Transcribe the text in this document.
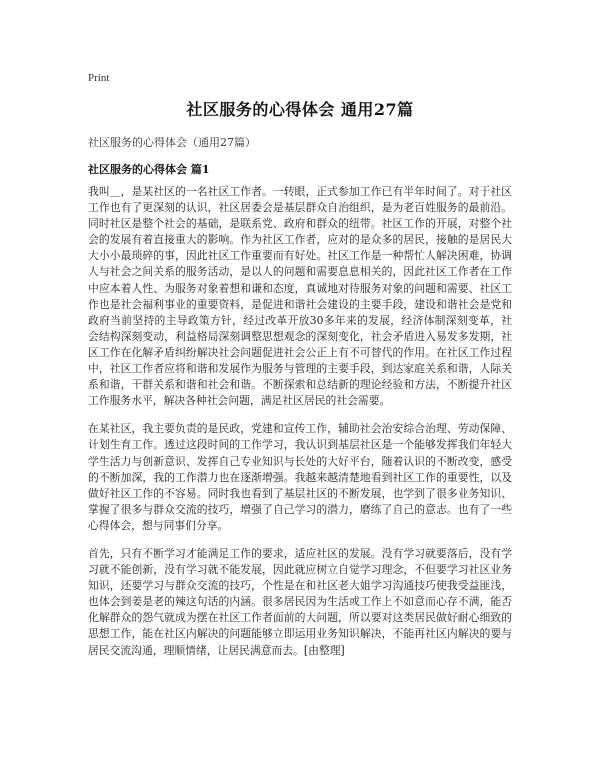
Print
社区服务的心得体会 通用27篇
社区服务的心得体会（通用27篇）
社区服务的心得体会 篇1

我叫＿，是某社区的一名社区工作者。一转眼，正式参加工作已有半年时间了。对于社区工作也有了更深刻的认识，社区居委会是基层群众自治组织，是为老百姓服务的最前沿。同时社区是整个社会的基础，是联系党、政府和群众的纽带。社区工作的开展，对整个社会的发展有着直接重大的影响。作为社区工作者，应对的是众多的居民，接触的是居民大大小小最琐碎的事，因此社区工作重要而有好处。社区工作是一种帮忙人解决困难，协调人与社会之间关系的服务活动，是以人的问题和需要息息相关的，因此社区工作者在工作中应本着人性、为服务对象着想和谦和态度，真诚地对待服务对象的问题和需要、社区工作也是社会福利事业的重要资料，是促进和谐社会建设的主要手段，建设和谐社会是党和政府当前坚持的主导政策方针，经过改革开放30多年来的发展，经济体制深刻变革，社会结构深刻变动，利益格局深刻调整思想观念的深刻变化，社会矛盾进入易发多发期，社区工作在化解矛盾纠纷解决社会问题促进社会公正上有不可替代的作用。在社区工作过程中，社区工作者应将和谐和发展作为服务与管理的主要手段，到达家庭关系和谐，人际关系和谐，干群关系和谐和社会和谐。不断探索和总结新的理论经验和方法，不断提升社区工作服务水平，解决各种社会问题，满足社区居民的社会需要。

在某社区，我主要负责的是民政，党建和宣传工作，辅助社会治安综合治理、劳动保障、计划生育工作。透过这段时间的工作学习，我认识到基层社区是一个能够发挥我们年轻大学生活力与创新意识、发挥自己专业知识与长处的大好平台，随着认识的不断改变，感受的不断加深，我的工作潜力也在逐渐增强。我越来越清楚地看到社区工作的重要性，以及做好社区工作的不容易。同时我也看到了基层社区的不断发展，也学到了很多业务知识、掌握了很多与群众交流的技巧，增强了自己学习的潜力，磨练了自己的意志。也有了一些心得体会，想与同事们分享。

首先，只有不断学习才能满足工作的要求，适应社区的发展。没有学习就要落后，没有学习就不能创新，没有学习就不能发展，因此就应树立自觉学习理念，不但要学习社区业务知识，还要学习与群众交流的技巧，个性是在和社区老大姐学习沟通技巧使我受益匪浅，也体会到姜是老的辣这句话的内涵。很多居民因为生活或工作上不如意而心存不满，能否化解群众的怨气就成为摆在社区工作者面前的大问题，所以要对这类居民做好耐心细致的思想工作，能在社区内解决的问题能够立即运用业务知识解决，不能再社区内解决的要与居民交流沟通，理顺情绪，让居民满意而去。[由整理]
